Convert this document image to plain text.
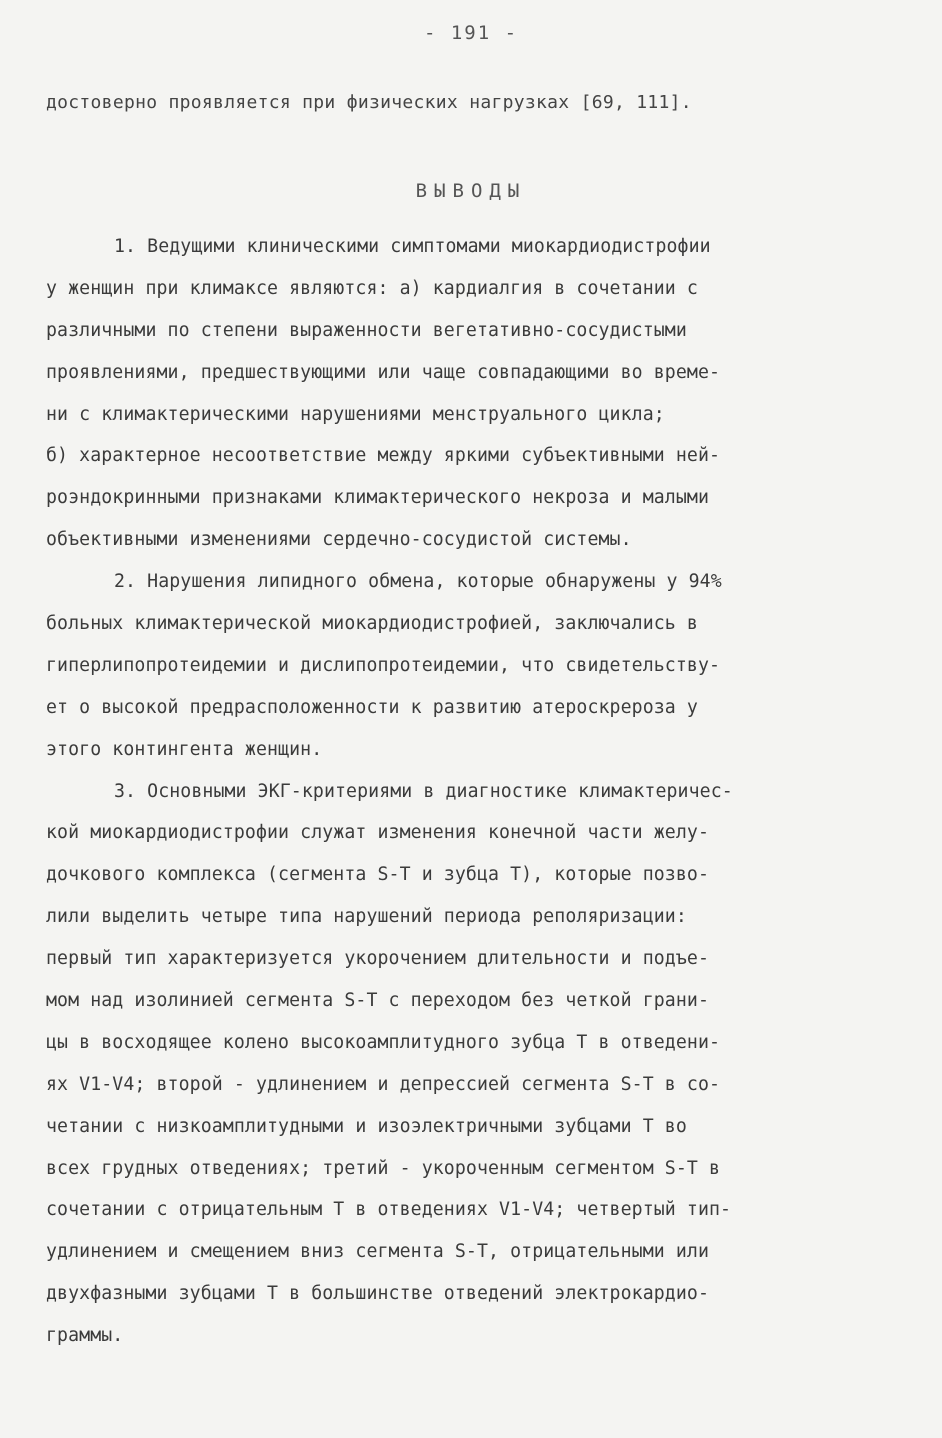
- 191 -
достоверно проявляется при физических нагрузках [69, 111].
ВЫВОДЫ
1. Ведущими клиническими симптомами миокардиодистрофии
у женщин при климаксе являются: а) кардиалгия в сочетании с
различными по степени выраженности вегетативно-сосудистыми
проявлениями, предшествующими или чаще совпадающими во време-
ни с климактерическими нарушениями менструального цикла;
б) характерное несоответствие между яркими субъективными ней-
роэндокринными признаками климактерического некроза и малыми
объективными изменениями сердечно-сосудистой системы.
2. Нарушения липидного обмена, которые обнаружены у 94%
больных климактерической миокардиодистрофией, заключались в
гиперлипопротеидемии и дислипопротеидемии, что свидетельству-
ет о высокой предрасположенности к развитию атероскрероза у
этого контингента женщин.
3. Основными ЭКГ-критериями в диагностике климактеричес-
кой миокардиодистрофии служат изменения конечной части желу-
дочкового комплекса (сегмента S-T и зубца T), которые позво-
лили выделить четыре типа нарушений периода реполяризации:
первый тип характеризуется укорочением длительности и подъе-
мом над изолинией сегмента S-T с переходом без четкой грани-
цы в восходящее колено высокоамплитудного зубца T в отведени-
ях V1-V4; второй - удлинением и депрессией сегмента S-T в со-
четании с низкоамплитудными и изоэлектричными зубцами T во
всех грудных отведениях; третий - укороченным сегментом S-T в
сочетании с отрицательным T в отведениях V1-V4; четвертый тип-
удлинением и смещением вниз сегмента S-T, отрицательными или
двухфазными зубцами T в большинстве отведений электрокардио-
граммы.
